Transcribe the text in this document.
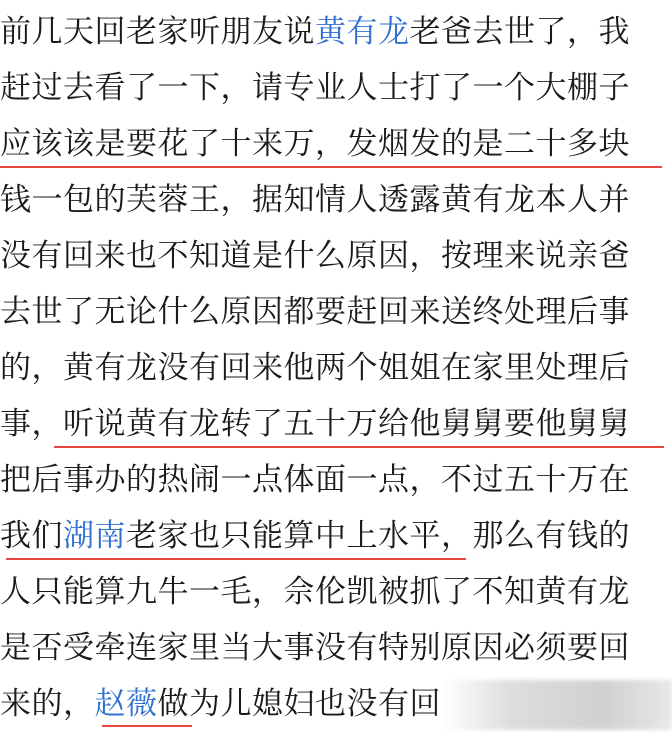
前几天回老家听朋友说黄有龙老爸去世了，我
赶过去看了一下，请专业人士打了一个大棚子
应该该是要花了十来万，发烟发的是二十多块
钱一包的芙蓉王，据知情人透露黄有龙本人并
没有回来也不知道是什么原因，按理来说亲爸
去世了无论什么原因都要赶回来送终处理后事
的，黄有龙没有回来他两个姐姐在家里处理后
事，听说黄有龙转了五十万给他舅舅要他舅舅
把后事办的热闹一点体面一点，不过五十万在
我们湖南老家也只能算中上水平，那么有钱的
人只能算九牛一毛，佘伦凯被抓了不知黄有龙
是否受牵连家里当大事没有特别原因必须要回
来的，赵薇做为儿媳妇也没有回
